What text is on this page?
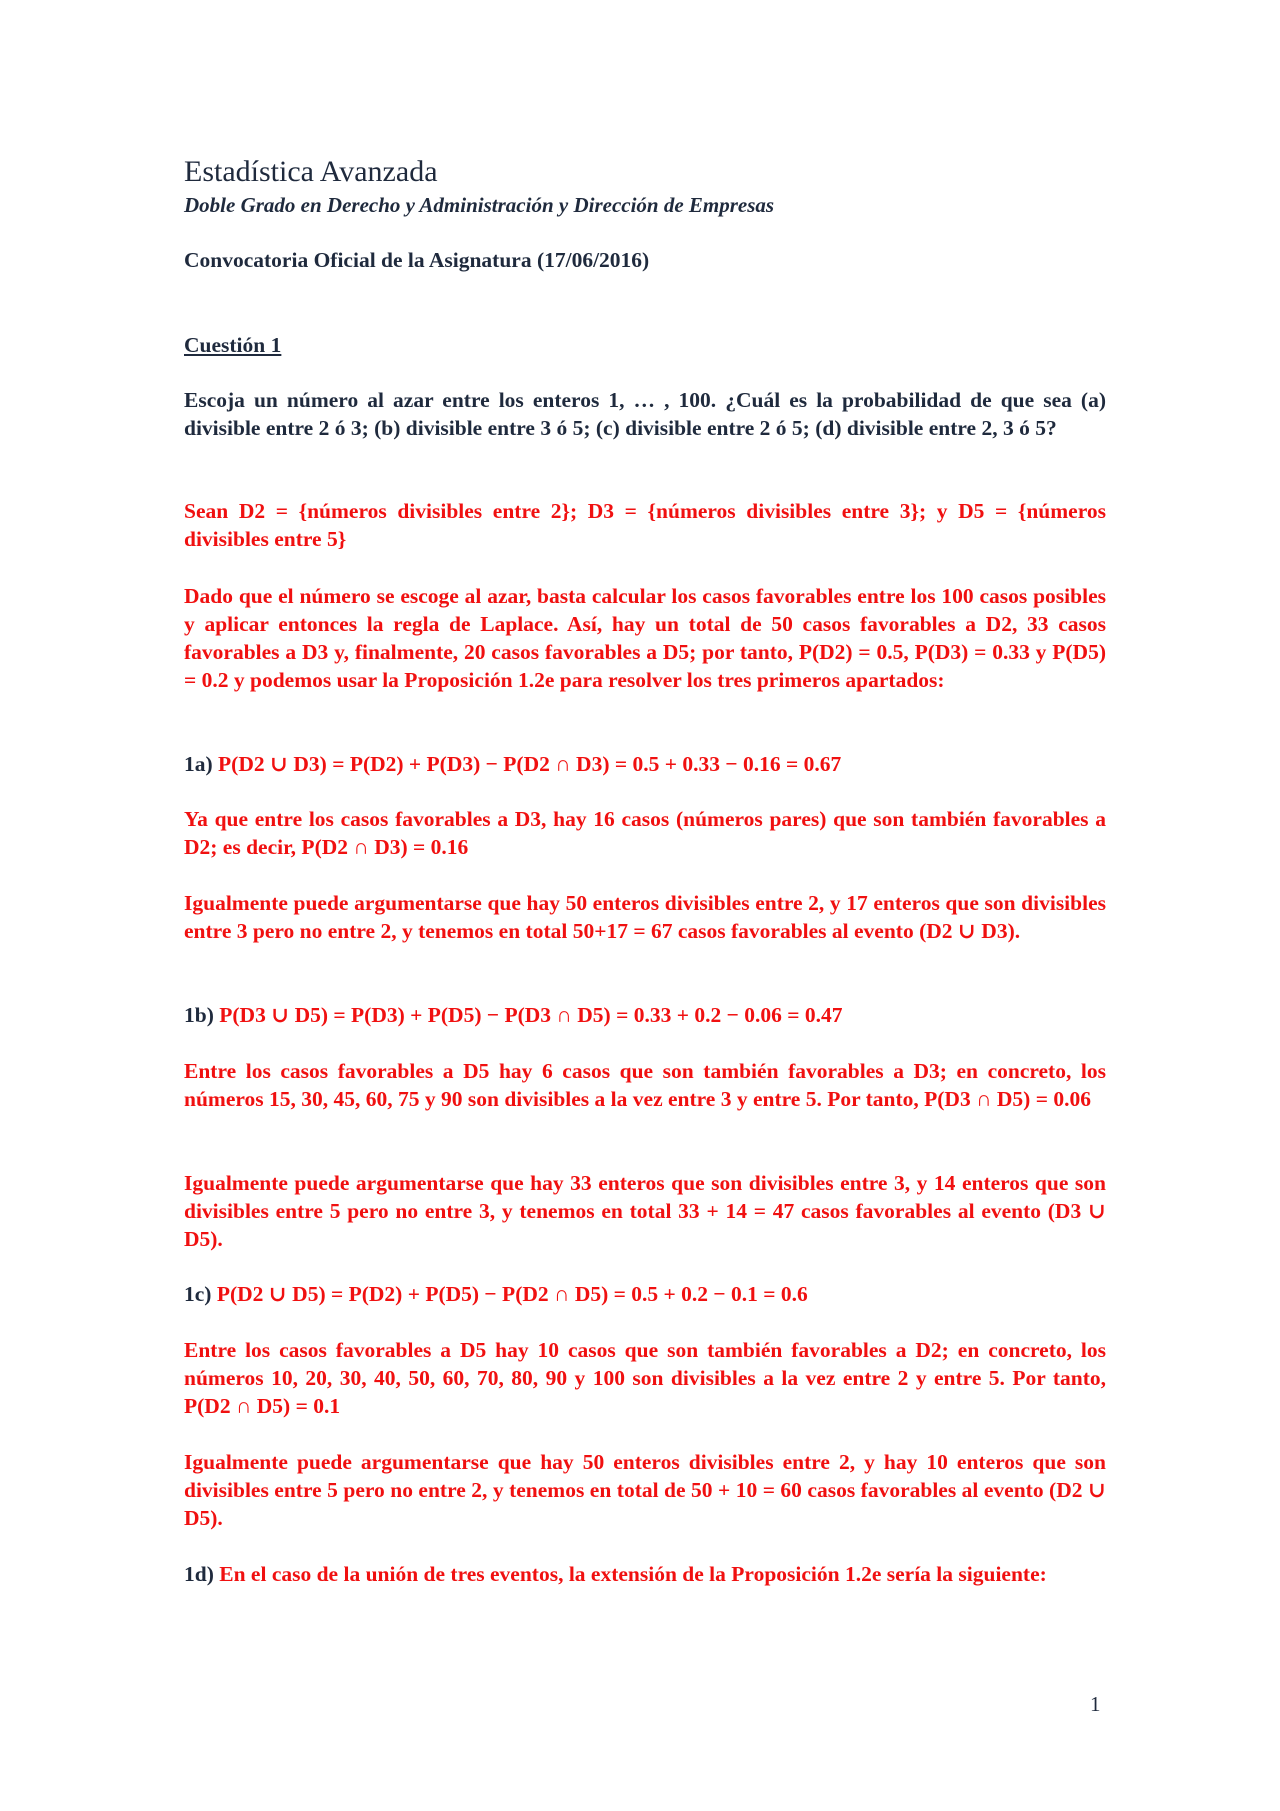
Estadística Avanzada
Doble Grado en Derecho y Administración y Dirección de Empresas
Convocatoria Oficial de la Asignatura (17/06/2016)
Cuestión 1
Escoja un número al azar entre los enteros 1, … , 100. ¿Cuál es la probabilidad de que sea (a) divisible entre 2 ó 3; (b) divisible entre 3 ó 5; (c) divisible entre 2 ó 5; (d) divisible entre 2, 3 ó 5?
Sean D2 = {números divisibles entre 2}; D3 = {números divisibles entre 3}; y D5 = {números divisibles entre 5}
Dado que el número se escoge al azar, basta calcular los casos favorables entre los 100 casos posibles y aplicar entonces la regla de Laplace. Así, hay un total de 50 casos favorables a D2, 33 casos favorables a D3 y, finalmente, 20 casos favorables a D5; por tanto, P(D2) = 0.5, P(D3) = 0.33 y P(D5) = 0.2 y podemos usar la Proposición 1.2e para resolver los tres primeros apartados:
1a) P(D2 ∪ D3) = P(D2) + P(D3) − P(D2 ∩ D3) = 0.5 + 0.33 − 0.16 = 0.67
Ya que entre los casos favorables a D3, hay 16 casos (números pares) que son también favorables a D2; es decir, P(D2 ∩ D3) = 0.16
Igualmente puede argumentarse que hay 50 enteros divisibles entre 2, y 17 enteros que son divisibles entre 3 pero no entre 2, y tenemos en total 50+17 = 67 casos favorables al evento (D2 ∪ D3).
1b) P(D3 ∪ D5) = P(D3) + P(D5) − P(D3 ∩ D5) = 0.33 + 0.2 − 0.06 = 0.47
Entre los casos favorables a D5 hay 6 casos que son también favorables a D3; en concreto, los números 15, 30, 45, 60, 75 y 90 son divisibles a la vez entre 3 y entre 5. Por tanto, P(D3 ∩ D5) = 0.06
Igualmente puede argumentarse que hay 33 enteros que son divisibles entre 3, y 14 enteros que son divisibles entre 5 pero no entre 3, y tenemos en total 33 + 14 = 47 casos favorables al evento (D3 ∪ D5).
1c) P(D2 ∪ D5) = P(D2) + P(D5) − P(D2 ∩ D5) = 0.5 + 0.2 − 0.1 = 0.6
Entre los casos favorables a D5 hay 10 casos que son también favorables a D2; en concreto, los números 10, 20, 30, 40, 50, 60, 70, 80, 90 y 100 son divisibles a la vez entre 2 y entre 5. Por tanto, P(D2 ∩ D5) = 0.1
Igualmente puede argumentarse que hay 50 enteros divisibles entre 2, y hay 10 enteros que son divisibles entre 5 pero no entre 2, y tenemos en total de 50 + 10 = 60 casos favorables al evento (D2 ∪ D5).
1d) En el caso de la unión de tres eventos, la extensión de la Proposición 1.2e sería la siguiente:
1
